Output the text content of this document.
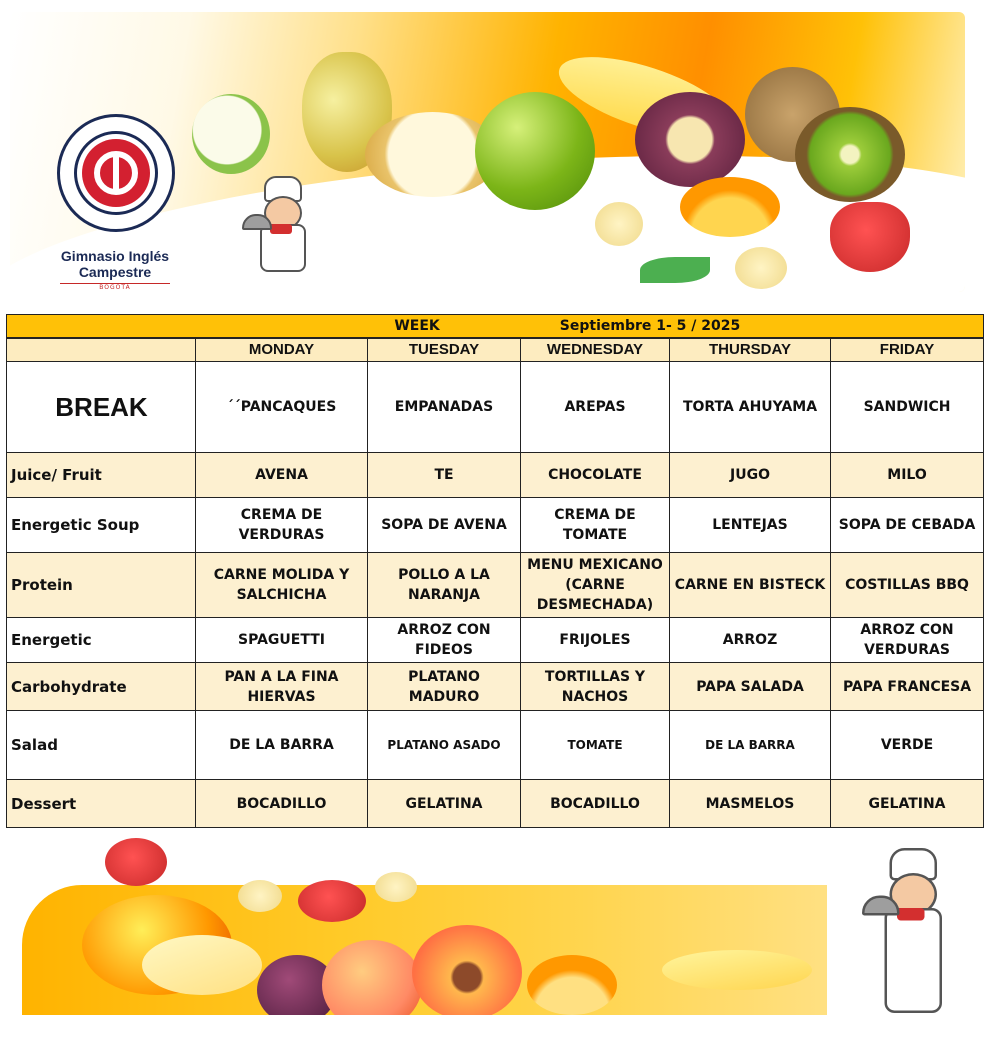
Gimnasio Inglés Campestre
BOGOTÁ
WEEK Septiembre 1- 5 / 2025					
	MONDAY	TUESDAY	WEDNESDAY	THURSDAY	FRIDAY
BREAK	´´PANCAQUES	EMPANADAS	AREPAS	TORTA AHUYAMA	SANDWICH
Juice/ Fruit	AVENA	TE	CHOCOLATE	JUGO	MILO
Energetic Soup	CREMA DE VERDURAS	SOPA DE AVENA	CREMA DE TOMATE	LENTEJAS	SOPA DE CEBADA
Protein	CARNE MOLIDA Y SALCHICHA	POLLO A LA NARANJA	MENU MEXICANO (CARNE DESMECHADA)	CARNE EN BISTECK	COSTILLAS BBQ
Energetic	SPAGUETTI	ARROZ CON FIDEOS	FRIJOLES	ARROZ	ARROZ CON VERDURAS
Carbohydrate	PAN A LA FINA HIERVAS	PLATANO MADURO	TORTILLAS Y NACHOS	PAPA SALADA	PAPA FRANCESA
Salad	DE LA BARRA	PLATANO ASADO	TOMATE	DE LA BARRA	VERDE
Dessert	BOCADILLO	GELATINA	BOCADILLO	MASMELOS	GELATINA
